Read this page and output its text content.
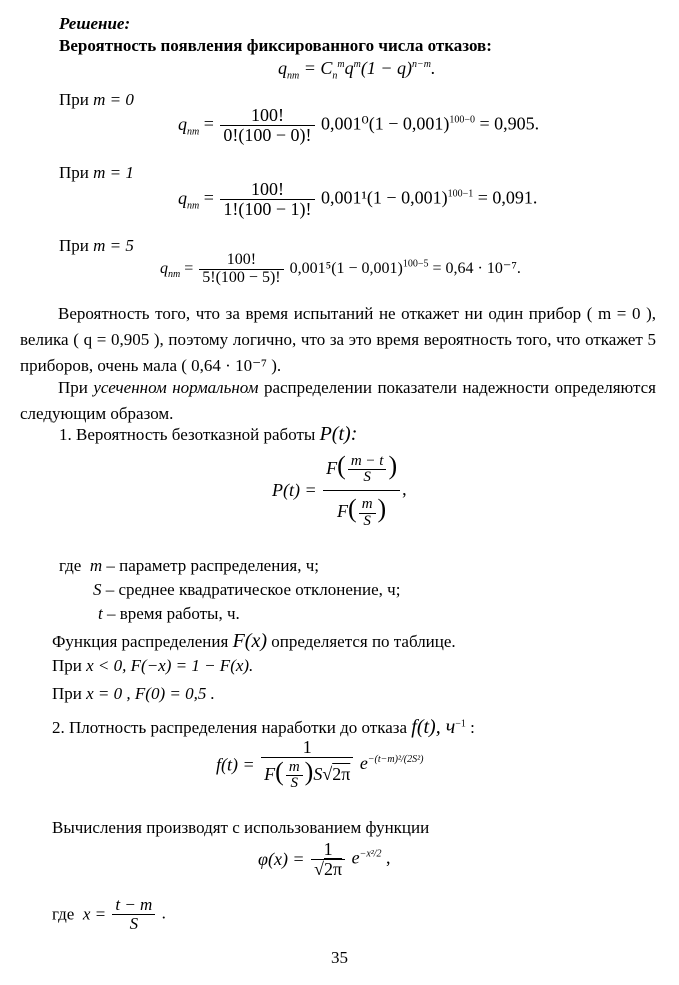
Решение:
Вероятность появления фиксированного числа отказов:
$q_{nm} = C_n^mq^m(1 - q)^{n-m}$.
При m = 0
$q_{nm} = \frac{100!}{0!(100 - 0)!} 0,001^0(1 - 0,001)^{100-0} = 0,905$.
При m = 1
$q_{nm} = \frac{100!}{1!(100 - 1)!} 0,001^1(1 - 0,001)^{100-1} = 0,091$.
При m = 5
$q_{nm} = \frac{100!}{5!(100 - 5)!} 0,001^5(1 - 0,001)^{100-5} = 0,64 \cdot 10^{-7}$.
Вероятность того, что за время испытаний не откажет ни один прибор ( m = 0 ), велика ( q = 0,905 ), поэтому логично, что за это время вероятность того, что откажет 5 приборов, очень мала ( 0,64 · 10⁻⁷ ).
При усеченном нормальном распределении показатели надежности определяются следующим образом.
1. Вероятность безотказной работы P(t):
$P(t) = \frac{F( \frac{m - t}{S} )}{F( \frac{m}{S} )}$ ,
где m – параметр распределения, ч;
S – среднее квадратическое отклонение, ч;
t – время работы, ч.
Функция распределения F(x) определяется по таблице.
При x < 0, F(−x) = 1 − F(x).
При x = 0 , F(0) = 0,5 .
2. Плотность распределения наработки до отказа f(t), $ч^{-1}$ :
$f(t) = \frac{1}{F( \frac{m}{S} )S√2\pi} e^{-(t-m)^2/(2S^2)}$
Вычисления производят с использованием функции
$\varphi(x) = \frac{1}{√2\pi} e^{-x^2/2}$ ,
где $x = \frac{t - m}{S}$ .
35
